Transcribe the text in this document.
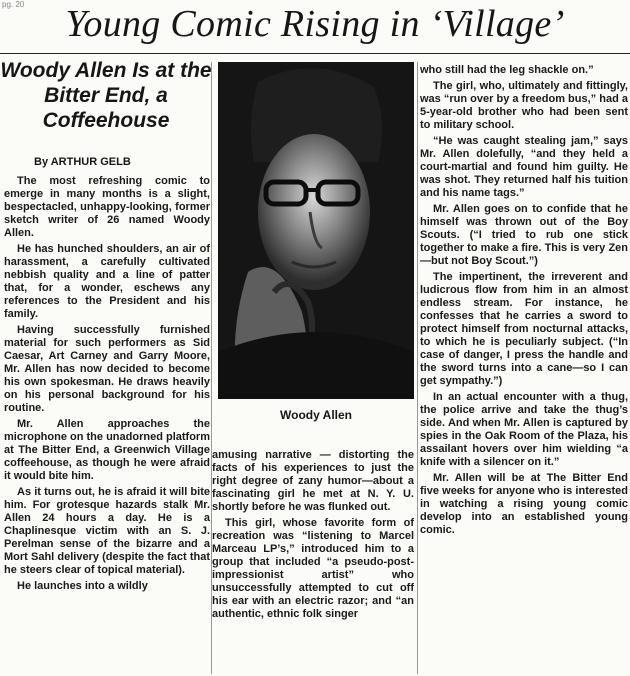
pg. 20	Young Comic Rising in ‘Village’
Woody Allen Is at the Bitter End, a Coffeehouse
By ARTHUR GELB

The most refreshing comic to emerge in many months is a slight, bespectacled, unhappy-looking, former sketch writer of 26 named Woody Allen.

He has hunched shoulders, an air of harassment, a carefully cultivated nebbish quality and a line of patter that, for a wonder, eschews any references to the President and his family.

Having successfully furnished material for such performers as Sid Caesar, Art Carney and Garry Moore, Mr. Allen has now decided to become his own spokesman. He draws heavily on his personal background for his routine.

Mr. Allen approaches the microphone on the unadorned platform at The Bitter End, a Greenwich Village coffeehouse, as though he were afraid it would bite him.

As it turns out, he is afraid it will bite him. For grotesque hazards stalk Mr. Allen 24 hours a day. He is a Chaplinesque victim with an S. J. Perelman sense of the bizarre and a Mort Sahl delivery (despite the fact that he steers clear of topical material).

He launches into a wildly

Woody Allen

amusing narrative — distorting the facts of his experiences to just the right degree of zany humor—about a fascinating girl he met at N. Y. U. shortly before he was flunked out.

This girl, whose favorite form of recreation was “listening to Marcel Marceau LP’s,” introduced him to a group that included “a pseudo-post-impressionist artist” who unsuccessfully attempted to cut off his ear with an electric razor; and “an authentic, ethnic folk singer

who still had the leg shackle on.”

The girl, who, ultimately and fittingly, was “run over by a freedom bus,” had a 5-year-old brother who had been sent to military school.

“He was caught stealing jam,” says Mr. Allen dolefully, “and they held a court-martial and found him guilty. He was shot. They returned half his tuition and his name tags.”

Mr. Allen goes on to confide that he himself was thrown out of the Boy Scouts. (“I tried to rub one stick together to make a fire. This is very Zen—but not Boy Scout.”)

The impertinent, the irreverent and ludicrous flow from him in an almost endless stream. For instance, he confesses that he carries a sword to protect himself from nocturnal attacks, to which he is peculiarly subject. (“In case of danger, I press the handle and the sword turns into a cane—so I can get sympathy.”)

In an actual encounter with a thug, the police arrive and take the thug’s side. And when Mr. Allen is captured by spies in the Oak Room of the Plaza, his assailant hovers over him wielding “a knife with a silencer on it.”

Mr. Allen will be at The Bitter End five weeks for anyone who is interested in watching a rising young comic develop into an established young comic.
